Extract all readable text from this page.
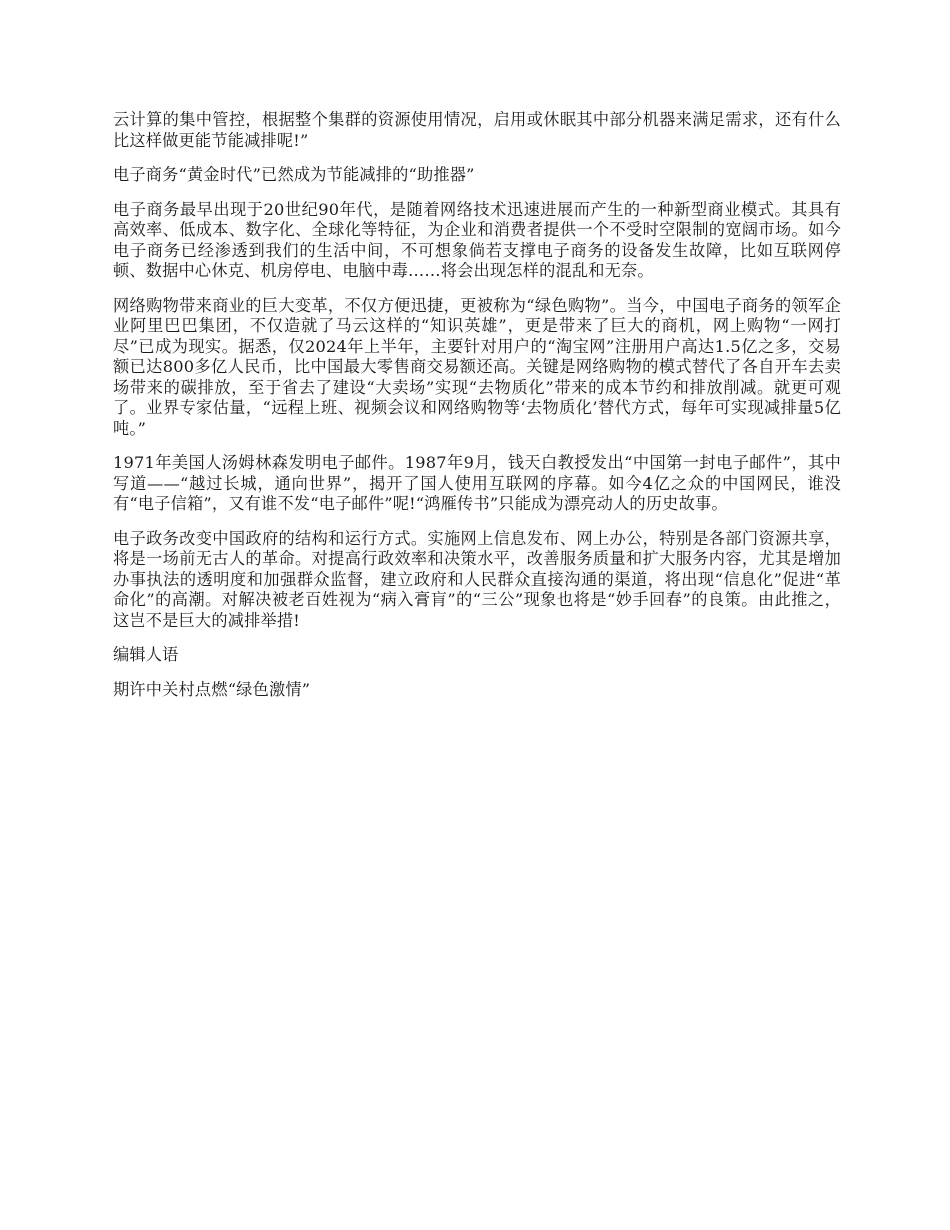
云计算的集中管控，根据整个集群的资源使用情况，启用或休眠其中部分机器来满足需求，还有什么比这样做更能节能减排呢!”

电子商务“黄金时代”已然成为节能减排的“助推器”

电子商务最早出现于20世纪90年代，是随着网络技术迅速进展而产生的一种新型商业模式。其具有高效率、低成本、数字化、全球化等特征，为企业和消费者提供一个不受时空限制的宽阔市场。如今电子商务已经渗透到我们的生活中间，不可想象倘若支撑电子商务的设备发生故障，比如互联网停顿、数据中心休克、机房停电、电脑中毒……将会出现怎样的混乱和无奈。

网络购物带来商业的巨大变革，不仅方便迅捷，更被称为“绿色购物”。当今，中国电子商务的领军企业阿里巴巴集团，不仅造就了马云这样的“知识英雄”，更是带来了巨大的商机，网上购物“一网打尽”已成为现实。据悉，仅2024年上半年，主要针对用户的“淘宝网”注册用户高达1.5亿之多，交易额已达800多亿人民币，比中国最大零售商交易额还高。关键是网络购物的模式替代了各自开车去卖场带来的碳排放，至于省去了建设“大卖场”实现“去物质化”带来的成本节约和排放削减。就更可观了。业界专家估量，“远程上班、视频会议和网络购物等‘去物质化’替代方式，每年可实现减排量5亿吨。”

1971年美国人汤姆林森发明电子邮件。1987年9月，钱天白教授发出“中国第一封电子邮件”，其中写道——“越过长城，通向世界”，揭开了国人使用互联网的序幕。如今4亿之众的中国网民，谁没有“电子信箱”，又有谁不发“电子邮件”呢!“鸿雁传书”只能成为漂亮动人的历史故事。

电子政务改变中国政府的结构和运行方式。实施网上信息发布、网上办公，特别是各部门资源共享，将是一场前无古人的革命。对提高行政效率和决策水平，改善服务质量和扩大服务内容，尤其是增加办事执法的透明度和加强群众监督，建立政府和人民群众直接沟通的渠道，将出现“信息化”促进“革命化”的高潮。对解决被老百姓视为“病入膏肓”的“三公”现象也将是“妙手回春”的良策。由此推之，这岂不是巨大的减排举措!

编辑人语

期许中关村点燃“绿色激情”
